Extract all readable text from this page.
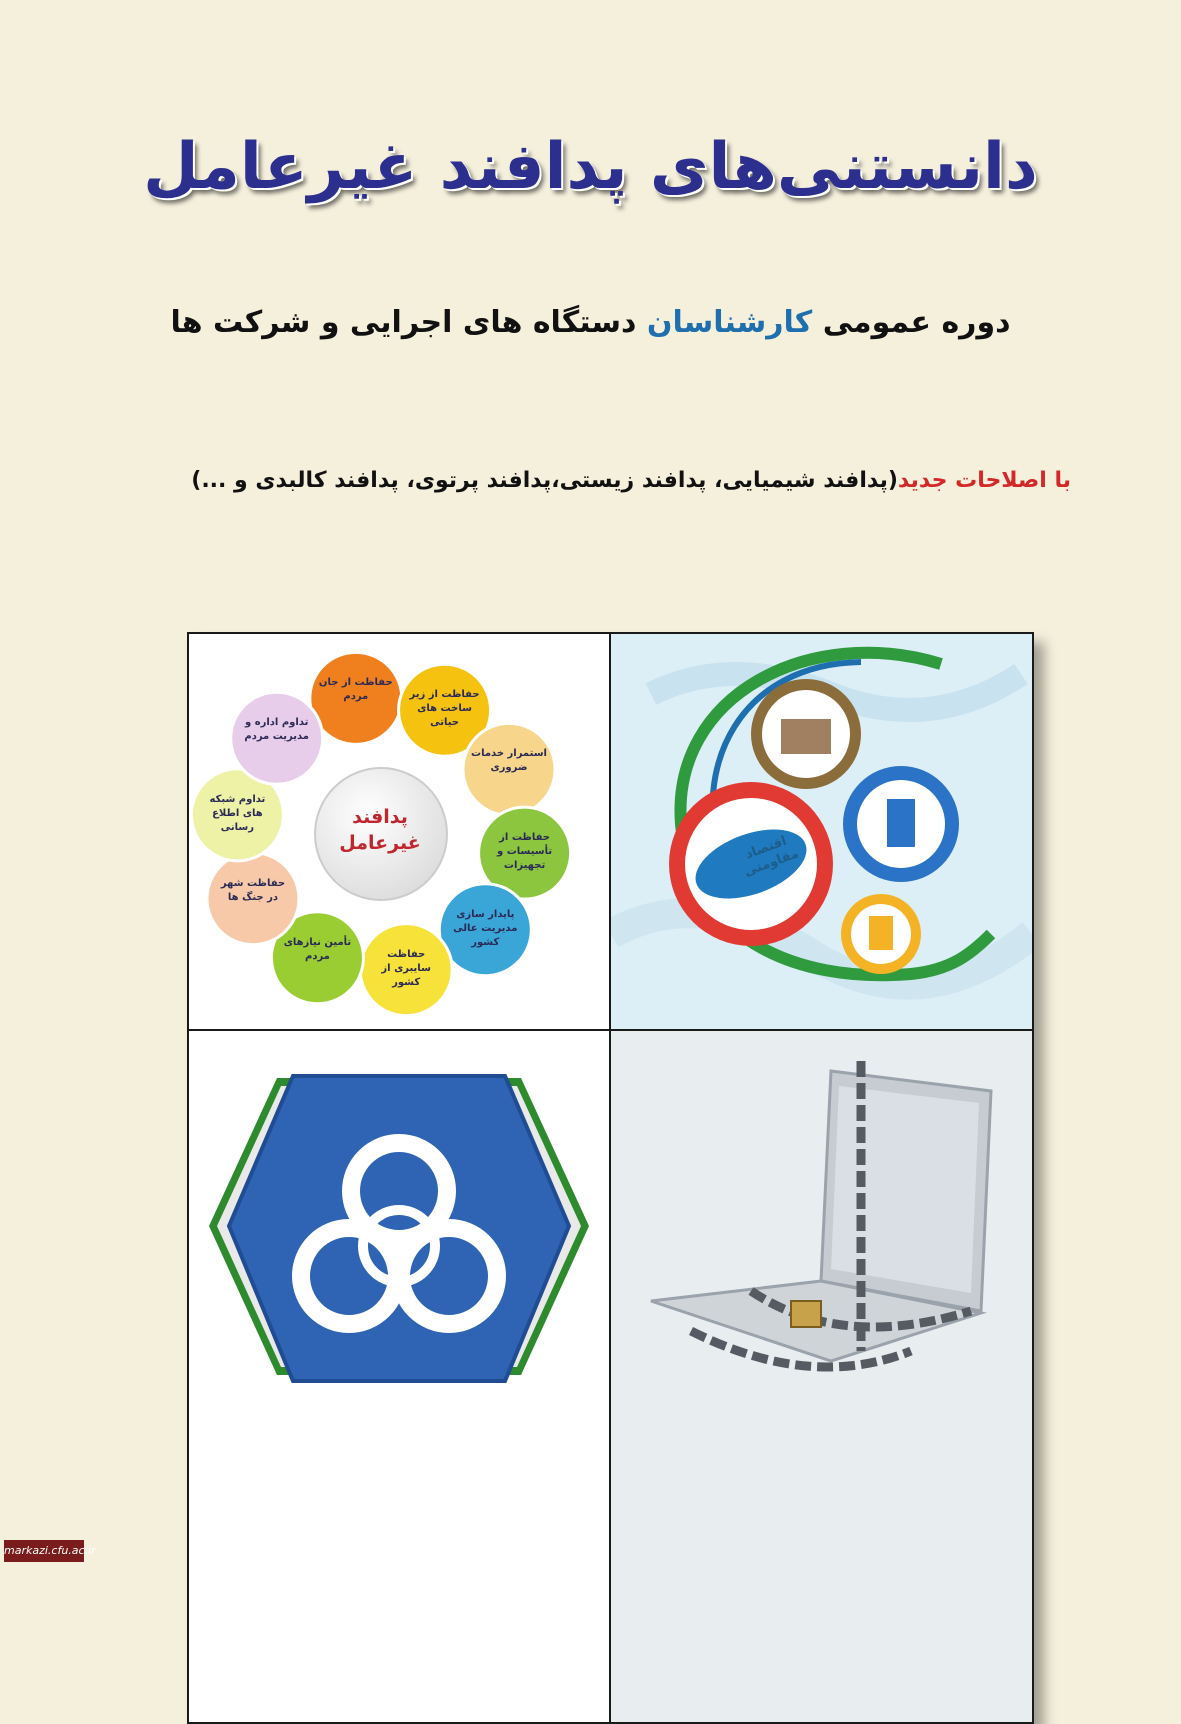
دانستنی‌های پدافند غیرعامل
دوره عمومی کارشناسان دستگاه های اجرایی و شرکت ها
با اصلاحات جدید(پدافند شیمیایی، پدافند زیستی،پدافند پرتوی، پدافند کالبدی و ...)
پدافند غیرعامل
حفاظت از جان مردم	حفاظت از زیر ساخت های حیاتی
استمرار خدمات ضروری
حفاظت از تأسیسات و تجهیزات
پایدار سازی مدیریت عالی کشور
حفاظت سایبری از کشور
تأمین نیازهای مردم
حفاظت شهر در جنگ ها
تداوم شبکه های اطلاع رسانی
تداوم اداره و مدیریت مردم
اقتصاد مقاومتی
markazi.cfu.ac.ir
